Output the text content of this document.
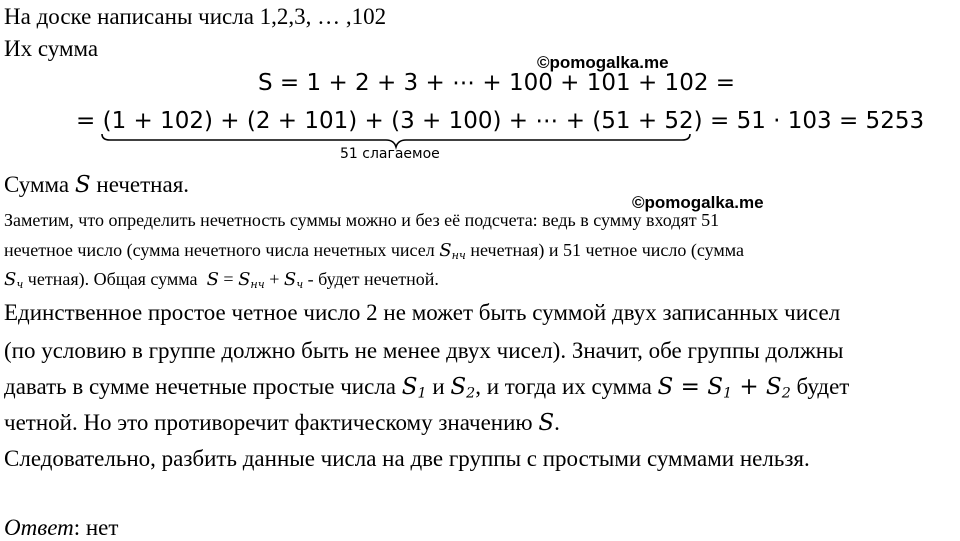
На доске написаны числа 1,2,3, … ,102
Их сумма
©pomogalka.me
S = 1 + 2 + 3 + ⋯ + 100 + 101 + 102 =
= (1 + 102) + (2 + 101) + (3 + 100) + ⋯ + (51 + 52) = 51 ⋅ 103 = 5253
51 слагаемое
Сумма S нечетная.
©pomogalka.me
Заметим, что определить нечетность суммы можно и без её подсчета: ведь в сумму входят 51
нечетное число (сумма нечетного числа нечетных чисел $S_{нч}$ нечетная) и 51 четное число (сумма
$S_ч$ четная). Общая сумма $S = S_{нч} + S_ч$ - будет нечетной.
Единственное простое четное число 2 не может быть суммой двух записанных чисел
(по условию в группе должно быть не менее двух чисел). Значит, обе группы должны
давать в сумме нечетные простые числа $S_1$ и $S_2$, и тогда их сумма $S = S_1 + S_2$ будет
четной. Но это противоречит фактическому значению S.
Следовательно, разбить данные числа на две группы с простыми суммами нельзя.
Ответ: нет
